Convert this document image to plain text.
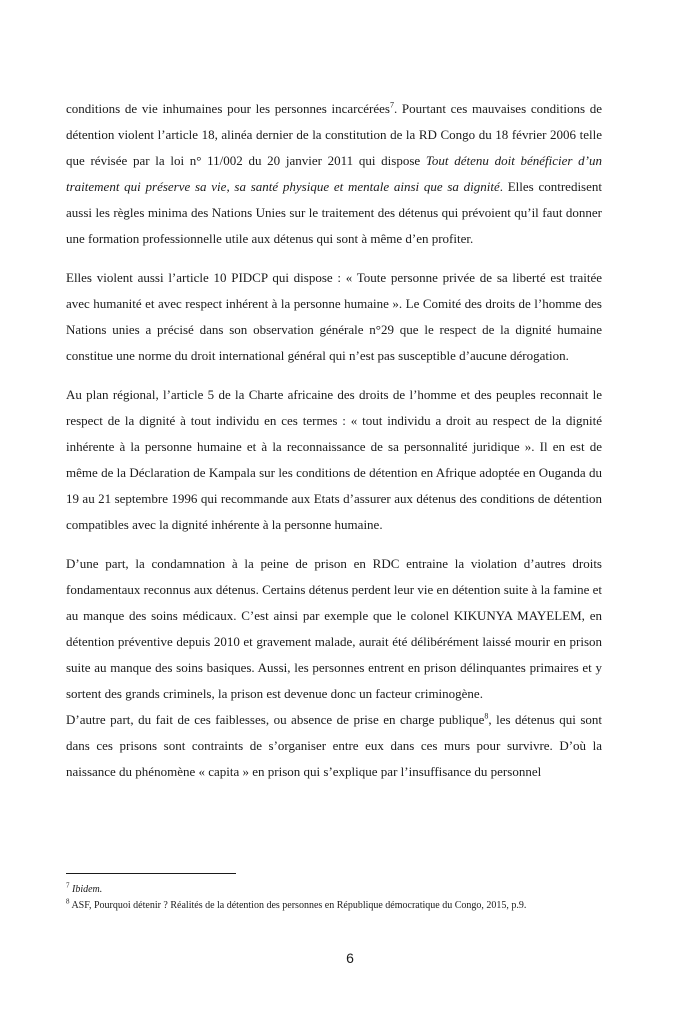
conditions de vie inhumaines pour les personnes incarcérées$^7$. Pourtant ces mauvaises conditions de détention violent l’article 18, alinéa dernier de la constitution de la RD Congo du 18 février 2006 telle que révisée par la loi n° 11/002 du 20 janvier 2011 qui dispose Tout détenu doit bénéficier d’un traitement qui préserve sa vie, sa santé physique et mentale ainsi que sa dignité. Elles contredisent aussi les règles minima des Nations Unies sur le traitement des détenus qui prévoient qu’il faut donner une formation professionnelle utile aux détenus qui sont à même d’en profiter.

Elles violent aussi l’article 10 PIDCP qui dispose : « Toute personne privée de sa liberté est traitée avec humanité et avec respect inhérent à la personne humaine ». Le Comité des droits de l’homme des Nations unies a précisé dans son observation générale n°29 que le respect de la dignité humaine constitue une norme du droit international général qui n’est pas susceptible d’aucune dérogation.

Au plan régional, l’article 5 de la Charte africaine des droits de l’homme et des peuples reconnait le respect de la dignité à tout individu en ces termes : « tout individu a droit au respect de la dignité inhérente à la personne humaine et à la reconnaissance de sa personnalité juridique ». Il en est de même de la Déclaration de Kampala sur les conditions de détention en Afrique adoptée en Ouganda du 19 au 21 septembre 1996 qui recommande aux Etats d’assurer aux détenus des conditions de détention compatibles avec la dignité inhérente à la personne humaine.

D’une part, la condamnation à la peine de prison en RDC entraine la violation d’autres droits fondamentaux reconnus aux détenus. Certains détenus perdent leur vie en détention suite à la famine et au manque des soins médicaux. C’est ainsi par exemple que le colonel KIKUNYA MAYELEM, en détention préventive depuis 2010 et gravement malade, aurait été délibérément laissé mourir en prison suite au manque des soins basiques. Aussi, les personnes entrent en prison délinquantes primaires et y sortent des grands criminels, la prison est devenue donc un facteur criminogène.

D’autre part, du fait de ces faiblesses, ou absence de prise en charge publique$^8$, les détenus qui sont dans ces prisons sont contraints de s’organiser entre eux dans ces murs pour survivre. D’où la naissance du phénomène « capita » en prison qui s’explique par l’insuffisance du personnel

$^7$ Ibidem.

$^8$ ASF, Pourquoi détenir ? Réalités de la détention des personnes en République démocratique du Congo, 2015, p.9.

6
